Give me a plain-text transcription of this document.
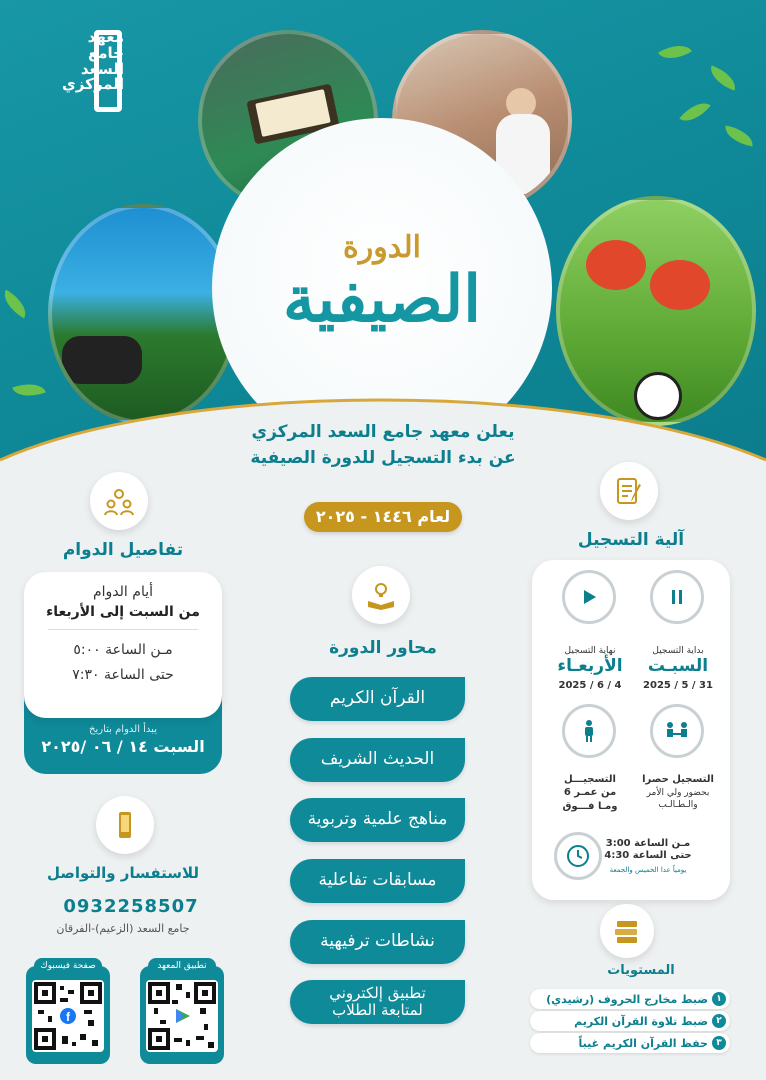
معهد
جامع
السعد
المركزي
الدورة
الصيفية

يعلن معهد جامع السعد المركزي

عن بدء التسجيل للدورة الصيفية

لعام ١٤٤٦ - ٢٠٢٥
تفاصيل الدوام
يبدأ الدوام بتاريخ
السبت ١٤ / ٠٦ /٢٠٢٥
أيام الدوام
من السبت إلى الأربعاء
مـن الساعة ٥:٠٠
حتى الساعة ٧:٣٠
للاستفسار والتواصل
0932258507
جامع السعد (الزعيم)-الفرقان
صفحة فيسبوك
f
تطبيق المعهد
محاور الدورة
القرآن الكريم
الحديث الشريف
مناهج علمية وتربوية
مسابقات تفاعلية
نشاطات ترفيهية
تطبيق إلكتروني
لمتابعة الطلاب
آلية التسجيل
بداية التسجيل
السبـت
2025 / 5 / 31
نهاية التسجيل
الأربعـاء
2025 / 6 / 4
التسجيل حصرا
بحضور ولي الأمر
والـطـالـب
التسجيـــل
من عمـر 6
ومـا فـــوق
مـن الساعة 3:00
حتى الساعة 4:30
يومياً عدا الخميس والجمعة
المستويات
١
ضبط مخارج الحروف (رشيدي)
٢
ضبط تلاوة القرآن الكريم
٣
حفظ القرآن الكريم غيباً
